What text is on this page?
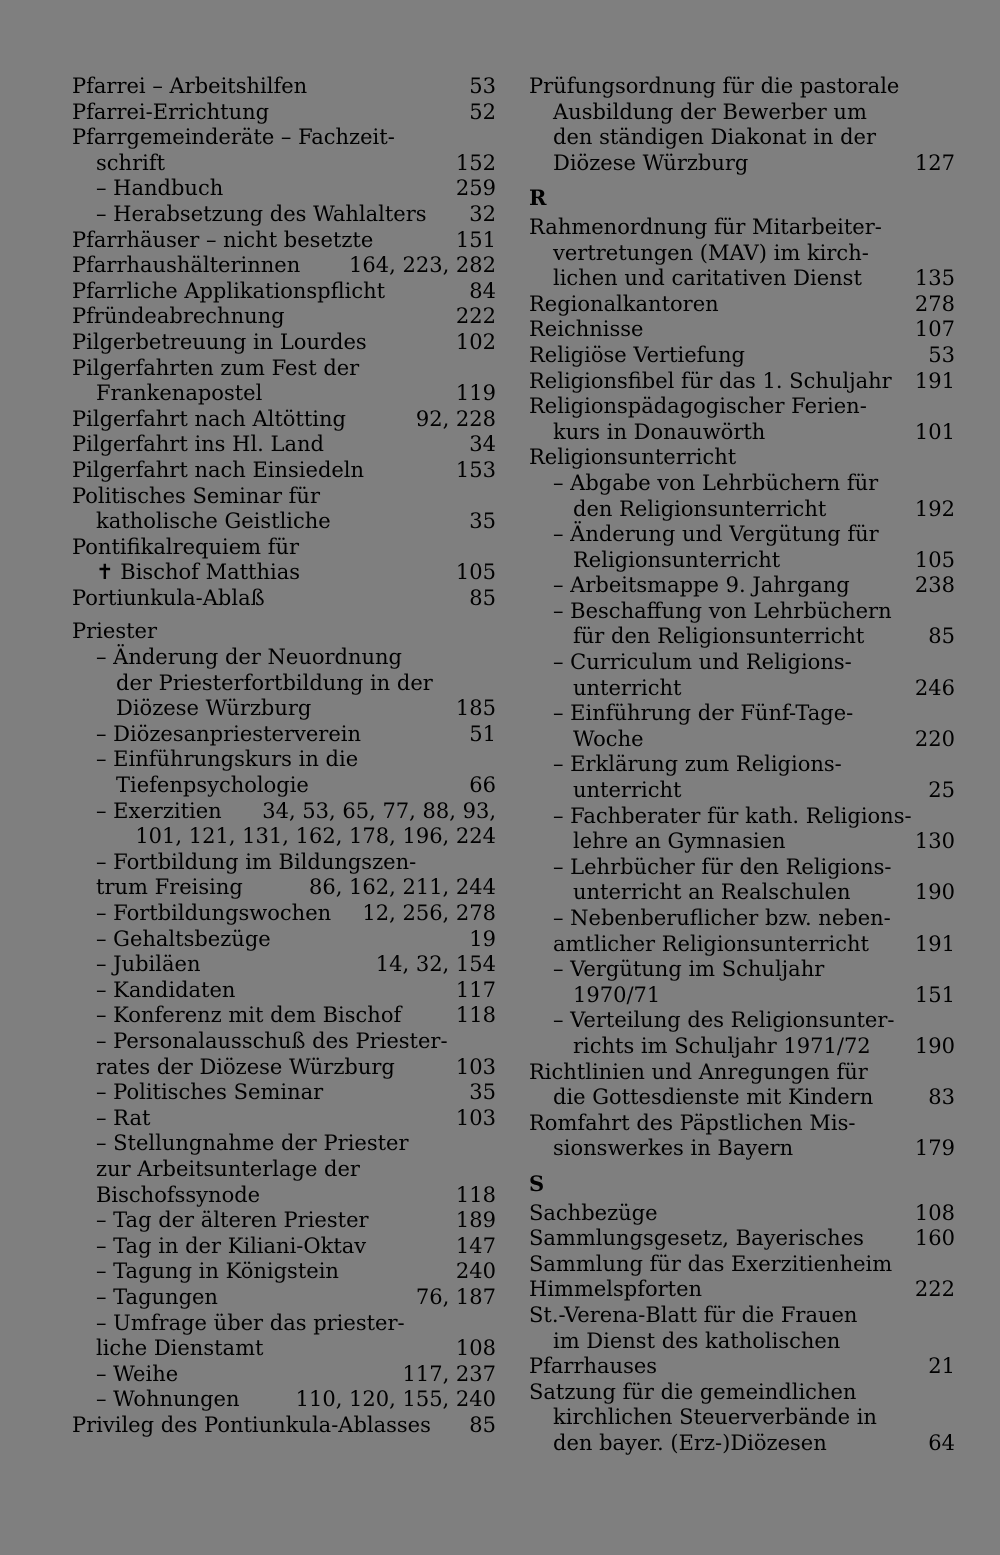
Pfarrei – Arbeitshilfen	53
Pfarrei-Errichtung	52
Pfarrgemeinderäte – Fachzeit-
schrift	152
– Handbuch	259
– Herabsetzung des Wahlalters 32
Pfarrhäuser – nicht besetzte	151
Pfarrhaushälterinnen 164, 223, 282
Pfarrliche Applikationspflicht	84
Pfründeabrechnung	222
Pilgerbetreuung in Lourdes	102
Pilgerfahrten zum Fest der
Frankenapostel	119
Pilgerfahrt nach Altötting	92, 228
Pilgerfahrt ins Hl. Land	34
Pilgerfahrt nach Einsiedeln	153
Politisches Seminar für
katholische Geistliche	35
Pontifikalrequiem für
✝ Bischof Matthias	105
Portiunkula-Ablaß	85
Priester
– Änderung der Neuordnung
der Priesterfortbildung in der
Diözese Würzburg	185
– Diözesanpriesterverein	51
– Einführungskurs in die
Tiefenpsychologie	66
– Exerzitien 34, 53, 65, 77, 88, 93,
101, 121, 131, 162, 178, 196, 224
– Fortbildung im Bildungszen-
trum Freising	86, 162, 211, 244
– Fortbildungswochen 12, 256, 278
– Gehaltsbezüge	19
– Jubiläen	14, 32, 154
– Kandidaten	117
– Konferenz mit dem Bischof	118
– Personalausschuß des Priester-
rates der Diözese Würzburg	103
– Politisches Seminar	35
– Rat	103
– Stellungnahme der Priester
zur Arbeitsunterlage der
Bischofssynode	118
– Tag der älteren Priester	189
– Tag in der Kiliani-Oktav	147
– Tagung in Königstein	240
– Tagungen	76, 187
– Umfrage über das priester-
liche Dienstamt	108
– Weihe	117, 237
– Wohnungen	110, 120, 155, 240
Privileg des Pontiunkula-Ablasses 85
Prüfungsordnung für die pastorale
Ausbildung der Bewerber um
den ständigen Diakonat in der
Diözese Würzburg	127
R
Rahmenordnung für Mitarbeiter-
vertretungen (MAV) im kirch-
lichen und caritativen Dienst	135
Regionalkantoren	278
Reichnisse	107
Religiöse Vertiefung	53
Religionsfibel für das 1. Schuljahr 191
Religionspädagogischer Ferien-
kurs in Donauwörth	101
Religionsunterricht
– Abgabe von Lehrbüchern für
den Religionsunterricht	192
– Änderung und Vergütung für
Religionsunterricht	105
– Arbeitsmappe 9. Jahrgang	238
– Beschaffung von Lehrbüchern
für den Religionsunterricht	85
– Curriculum und Religions-
unterricht	246
– Einführung der Fünf-Tage-
Woche	220
– Erklärung zum Religions-
unterricht	25
– Fachberater für kath. Religions-
lehre an Gymnasien	130
– Lehrbücher für den Religions-
unterricht an Realschulen	190
– Nebenberuflicher bzw. neben-
amtlicher Religionsunterricht 191
– Vergütung im Schuljahr
1970/71	151
– Verteilung des Religionsunter-
richts im Schuljahr 1971/72 190
Richtlinien und Anregungen für
die Gottesdienste mit Kindern	83
Romfahrt des Päpstlichen Mis-
sionswerkes in Bayern	179
S
Sachbezüge	108
Sammlungsgesetz, Bayerisches 160
Sammlung für das Exerzitienheim
Himmelspforten	222
St.-Verena-Blatt für die Frauen
im Dienst des katholischen
Pfarrhauses	21
Satzung für die gemeindlichen
kirchlichen Steuerverbände in
den bayer. (Erz-)Diözesen	64
